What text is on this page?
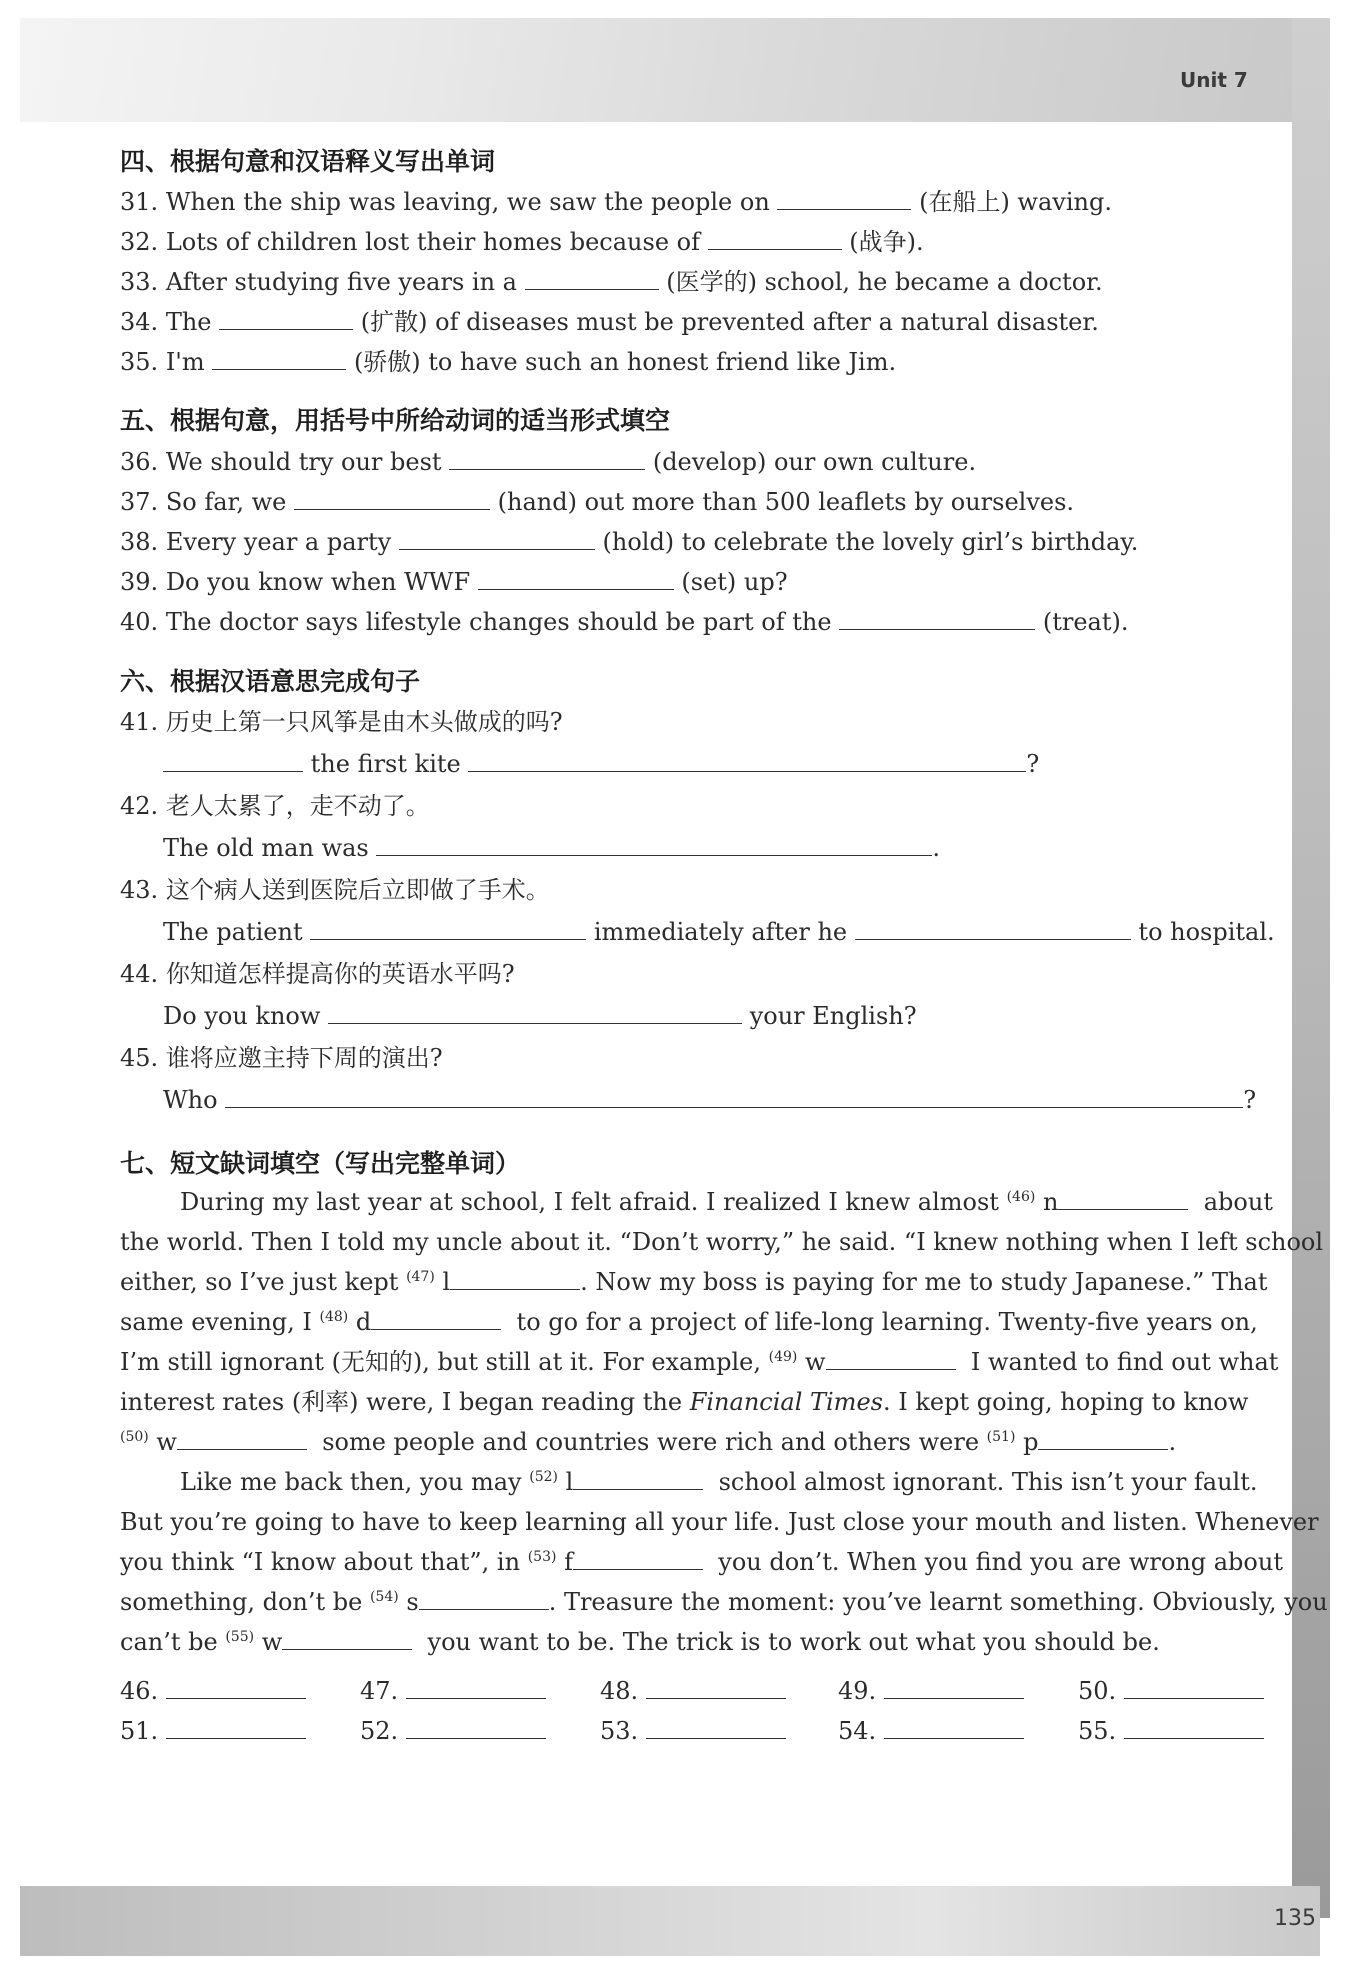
Unit 7
135
四、根据句意和汉语释义写出单词
31. When the ship was leaving, we saw the people on	(在船上) waving.
32. Lots of children lost their homes because of	(战争).
33. After studying five years in a	(医学的) school, he became a doctor.
34. The	(扩散) of diseases must be prevented after a natural disaster.
35. I'm	(骄傲) to have such an honest friend like Jim.
五、根据句意，用括号中所给动词的适当形式填空
36. We should try our best	(develop) our own culture.
37. So far, we	(hand) out more than 500 leaflets by ourselves.
38. Every year a party	(hold) to celebrate the lovely girl’s birthday.
39. Do you know when WWF	(set) up?
40. The doctor says lifestyle changes should be part of the	(treat).
六、根据汉语意思完成句子
41. 历史上第一只风筝是由木头做成的吗?
the first kite	?
42. 老人太累了，走不动了。
The old man was	.
43. 这个病人送到医院后立即做了手术。
The patient	immediately after he	to hospital.
44. 你知道怎样提高你的英语水平吗?
Do you know	your English?
45. 谁将应邀主持下周的演出?
Who	?
七、短文缺词填空（写出完整单词）
During my last year at school, I felt afraid. I realized I knew almost $^{(46)}$ n	about
the world. Then I told my uncle about it. “Don’t worry,” he said. “I knew nothing when I left school
either, so I’ve just kept $^{(47)}$ l	. Now my boss is paying for me to study Japanese.” That
same evening, I $^{(48)}$ d	to go for a project of life-long learning. Twenty-five years on,
I’m still ignorant (无知的), but still at it. For example, $^{(49)}$ w	I wanted to find out what
interest rates (利率) were, I began reading the Financial Times. I kept going, hoping to know
$^{(50)}$ w	some people and countries were rich and others were $^{(51)}$ p	.
Like me back then, you may $^{(52)}$ l	school almost ignorant. This isn’t your fault.
But you’re going to have to keep learning all your life. Just close your mouth and listen. Whenever
you think “I know about that”, in $^{(53)}$ f	you don’t. When you find you are wrong about
something, don’t be $^{(54)}$ s	. Treasure the moment: you’ve learnt something. Obviously, you
can’t be $^{(55)}$ w	you want to be. The trick is to work out what you should be.
46.	47.	48.	49.	50.
51.	52.	53.	54.	55.
